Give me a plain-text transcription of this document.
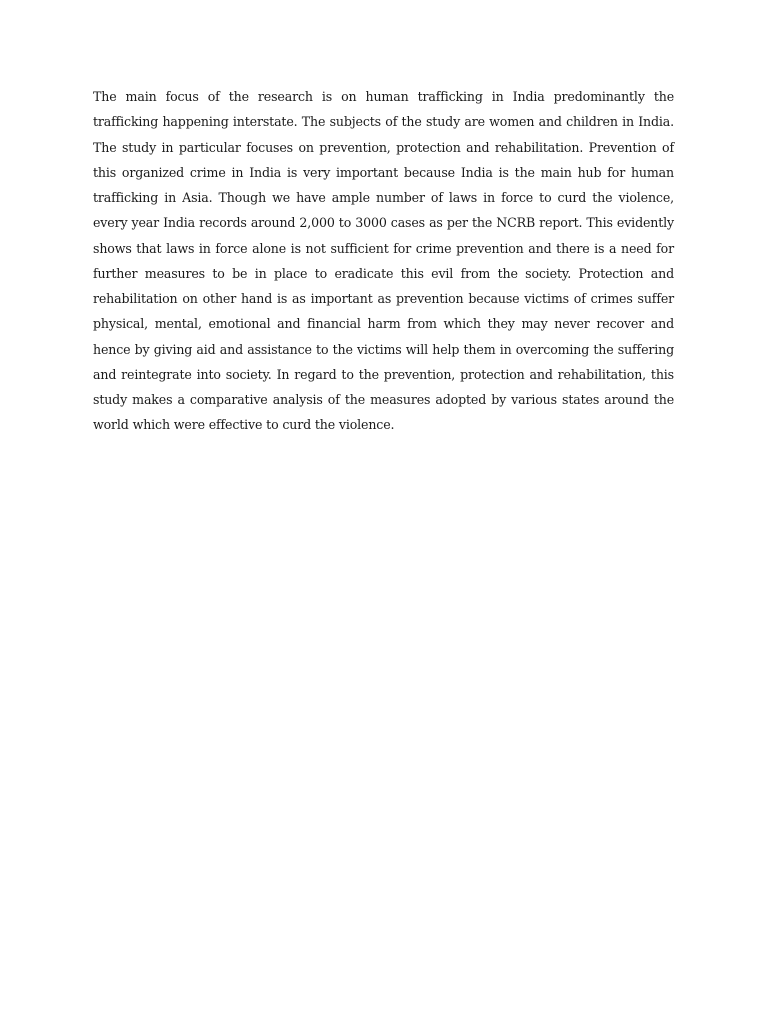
The main focus of the research is on human trafficking in India predominantly the trafficking happening interstate. The subjects of the study are women and children in India. The study in particular focuses on prevention, protection and rehabilitation. Prevention of this organized crime in India is very important because India is the main hub for human trafficking in Asia. Though we have ample number of laws in force to curd the violence, every year India records around 2,000 to 3000 cases as per the NCRB report. This evidently shows that laws in force alone is not sufficient for crime prevention and there is a need for further measures to be in place to eradicate this evil from the society. Protection and rehabilitation on other hand is as important as prevention because victims of crimes suffer physical, mental, emotional and financial harm from which they may never recover and hence by giving aid and assistance to the victims will help them in overcoming the suffering and reintegrate into society. In regard to the prevention, protection and rehabilitation, this study makes a comparative analysis of the measures adopted by various states around the world which were effective to curd the violence.
